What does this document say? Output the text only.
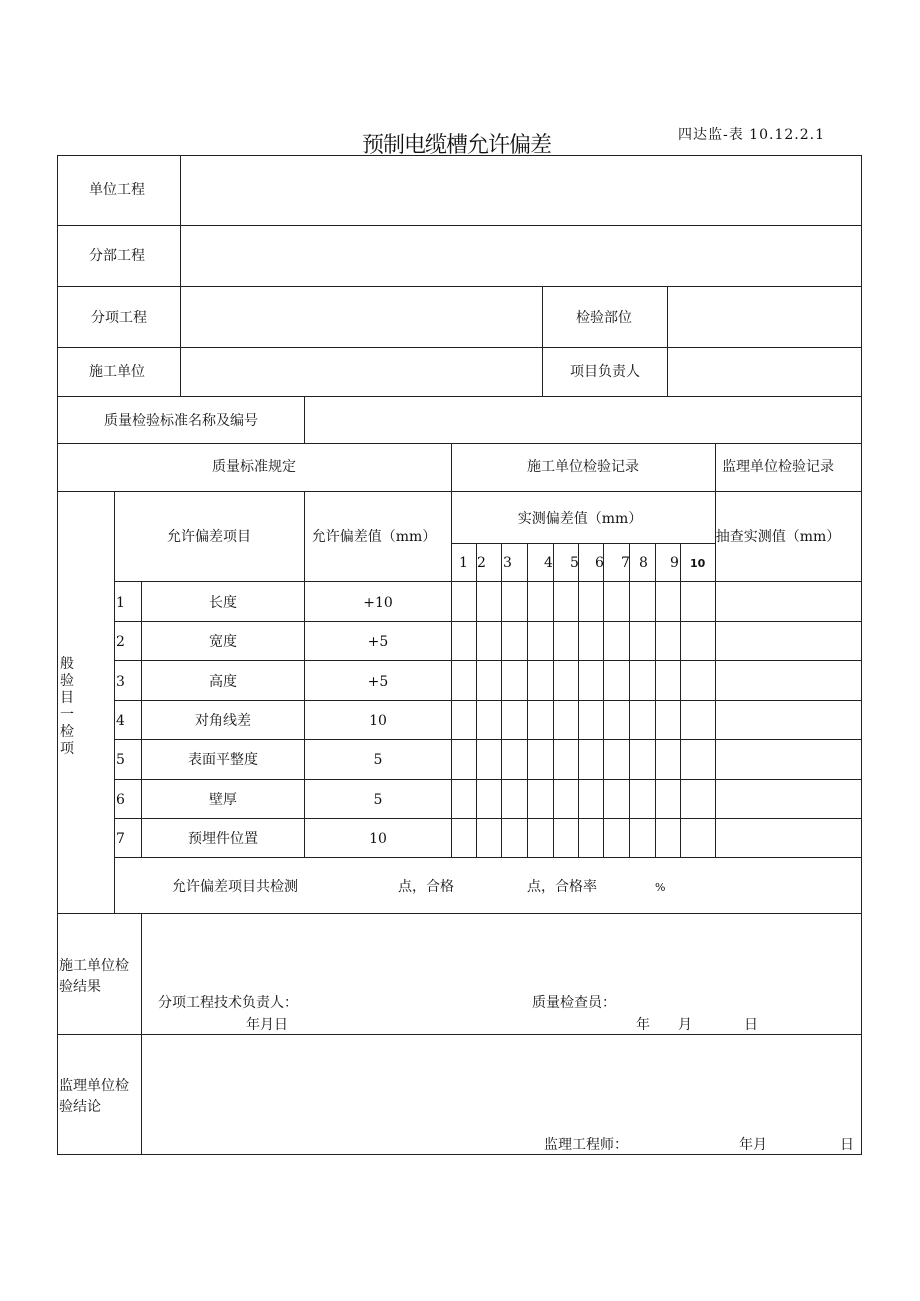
预制电缆槽允许偏差	四达监-表 10.12.2.1
单位工程
分部工程
分项工程	检验部位
施工单位	项目负责人
质量检验标准名称及编号
质量标准规定	施工单位检验记录	监理单位检验记录
允许偏差项目	允许偏差值（mm）
实测偏差值（mm）
抽查实测值（mm）
1 2 3 4 5 6 7 8 9 10
般
验
目
一
检
项
1	长度	+10
2	宽度	+5
3	高度	+5
4	对角线差	10
5	表面平整度	5
6	壁厚	5
7	预埋件位置	10
允许偏差项目共检测	点，合格	点，合格率	%
施工单位检
验结果
分项工程技术负责人：	质量检查员：
年月日	年 月	日
监理单位检
验结论
监理工程师：	年月	日
